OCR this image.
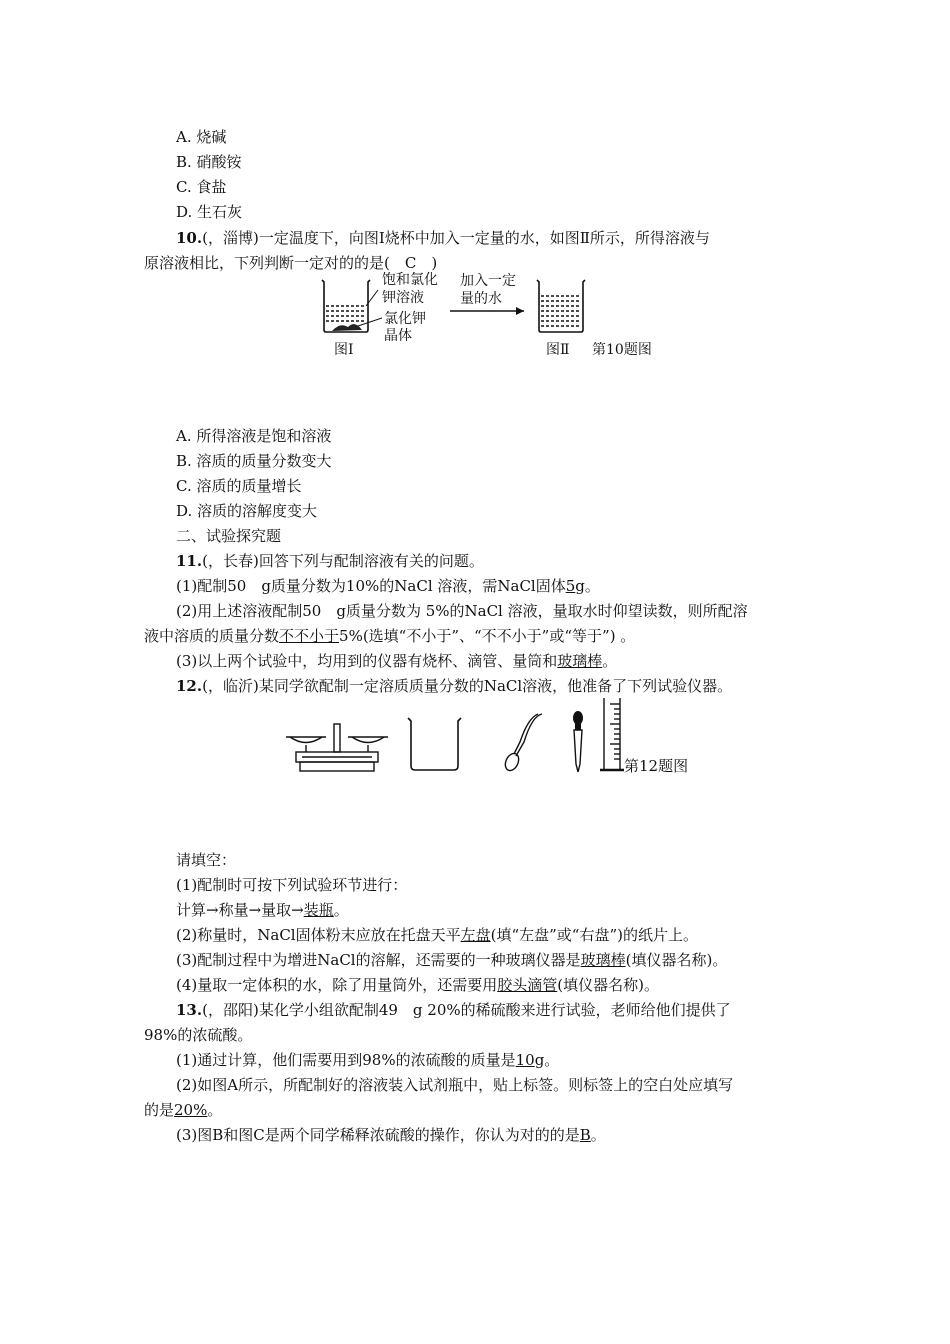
A. 烧碱
B. 硝酸铵
C. 食盐
D. 生石灰
10.(，淄博)一定温度下，向图Ⅰ烧杯中加入一定量的水，如图Ⅱ所示，所得溶液与
原溶液相比，下列判断一定对的的是(　C　)
饱和氯化
钾溶液
氯化钾
晶体
加入一定
量的水
图Ⅰ	图Ⅱ 第10题图
A. 所得溶液是饱和溶液
B. 溶质的质量分数变大
C. 溶质的质量增长
D. 溶质的溶解度变大
二、试验探究题
11.(，长春)回答下列与配制溶液有关的问题。
(1)配制50　g质量分数为10%的NaCl 溶液，需NaCl固体5g。
(2)用上述溶液配制50　g质量分数为 5%的NaCl 溶液，量取水时仰望读数，则所配溶
液中溶质的质量分数不不小于5%(选填“不小于”、“不不小于”或“等于”) 。
(3)以上两个试验中，均用到的仪器有烧杯、滴管、量筒和玻璃棒。
12.(，临沂)某同学欲配制一定溶质质量分数的NaCl溶液，他准备了下列试验仪器。
第12题图
请填空：
(1)配制时可按下列试验环节进行：
计算→称量→量取→装瓶。
(2)称量时，NaCl固体粉末应放在托盘天平左盘(填“左盘”或“右盘”)的纸片上。
(3)配制过程中为增进NaCl的溶解，还需要的一种玻璃仪器是玻璃棒(填仪器名称)。
(4)量取一定体积的水，除了用量筒外，还需要用胶头滴管(填仪器名称)。
13.(，邵阳)某化学小组欲配制49　g 20%的稀硫酸来进行试验，老师给他们提供了
98%的浓硫酸。
(1)通过计算，他们需要用到98%的浓硫酸的质量是10g。
(2)如图A所示，所配制好的溶液装入试剂瓶中，贴上标签。则标签上的空白处应填写
的是20%。
(3)图B和图C是两个同学稀释浓硫酸的操作，你认为对的的是B。
